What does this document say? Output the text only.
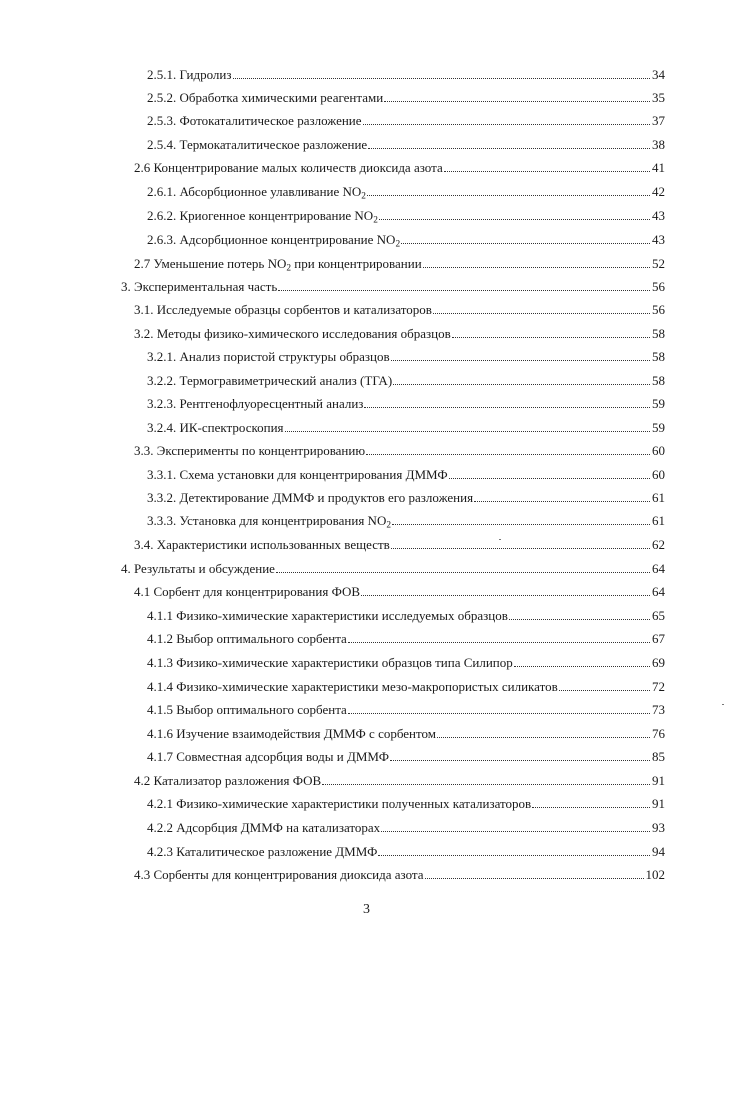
2.5.1. Гидролиз	34
2.5.2. Обработка химическими реагентами	35
2.5.3. Фотокаталитическое разложение	37
2.5.4. Термокаталитическое разложение	38
2.6 Концентрирование малых количеств диоксида азота	41
2.6.1. Абсорбционное улавливание $NO_2$	42
2.6.2. Криогенное концентрирование $NO_2$	43
2.6.3. Адсорбционное концентрирование $NO_2$	43
2.7 Уменьшение потерь $NO_2$ при концентрировании	52
3. Экспериментальная часть	56
3.1. Исследуемые образцы сорбентов и катализаторов	56
3.2. Методы физико-химического исследования образцов	58
3.2.1. Анализ пористой структуры образцов	58
3.2.2. Термогравиметрический анализ (ТГА)	58
3.2.3. Рентгенофлуоресцентный анализ	59
3.2.4. ИК-спектроскопия	59
3.3. Эксперименты по концентрированию	60
3.3.1. Схема установки для концентрирования ДММФ	60
3.3.2. Детектирование ДММФ и продуктов его разложения	61
3.3.3. Установка для концентрирования $NO_2$	61
3.4. Характеристики использованных веществ	62
4. Результаты и обсуждение	64
4.1 Сорбент для концентрирования ФОВ	64
4.1.1 Физико-химические характеристики исследуемых образцов	65
4.1.2 Выбор оптимального сорбента	67
4.1.3 Физико-химические характеристики образцов типа Силипор	69
4.1.4 Физико-химические характеристики мезо-макропористых силикатов	72
4.1.5 Выбор оптимального сорбента	73
4.1.6 Изучение взаимодействия ДММФ с сорбентом	76
4.1.7 Совместная адсорбция воды и ДММФ	85
4.2 Катализатор разложения ФОВ	91
4.2.1 Физико-химические характеристики полученных катализаторов	91
4.2.2 Адсорбция ДММФ на катализаторах	93
4.2.3 Каталитическое разложение ДММФ	94
4.3 Сорбенты для концентрирования диоксида азота	102
3
